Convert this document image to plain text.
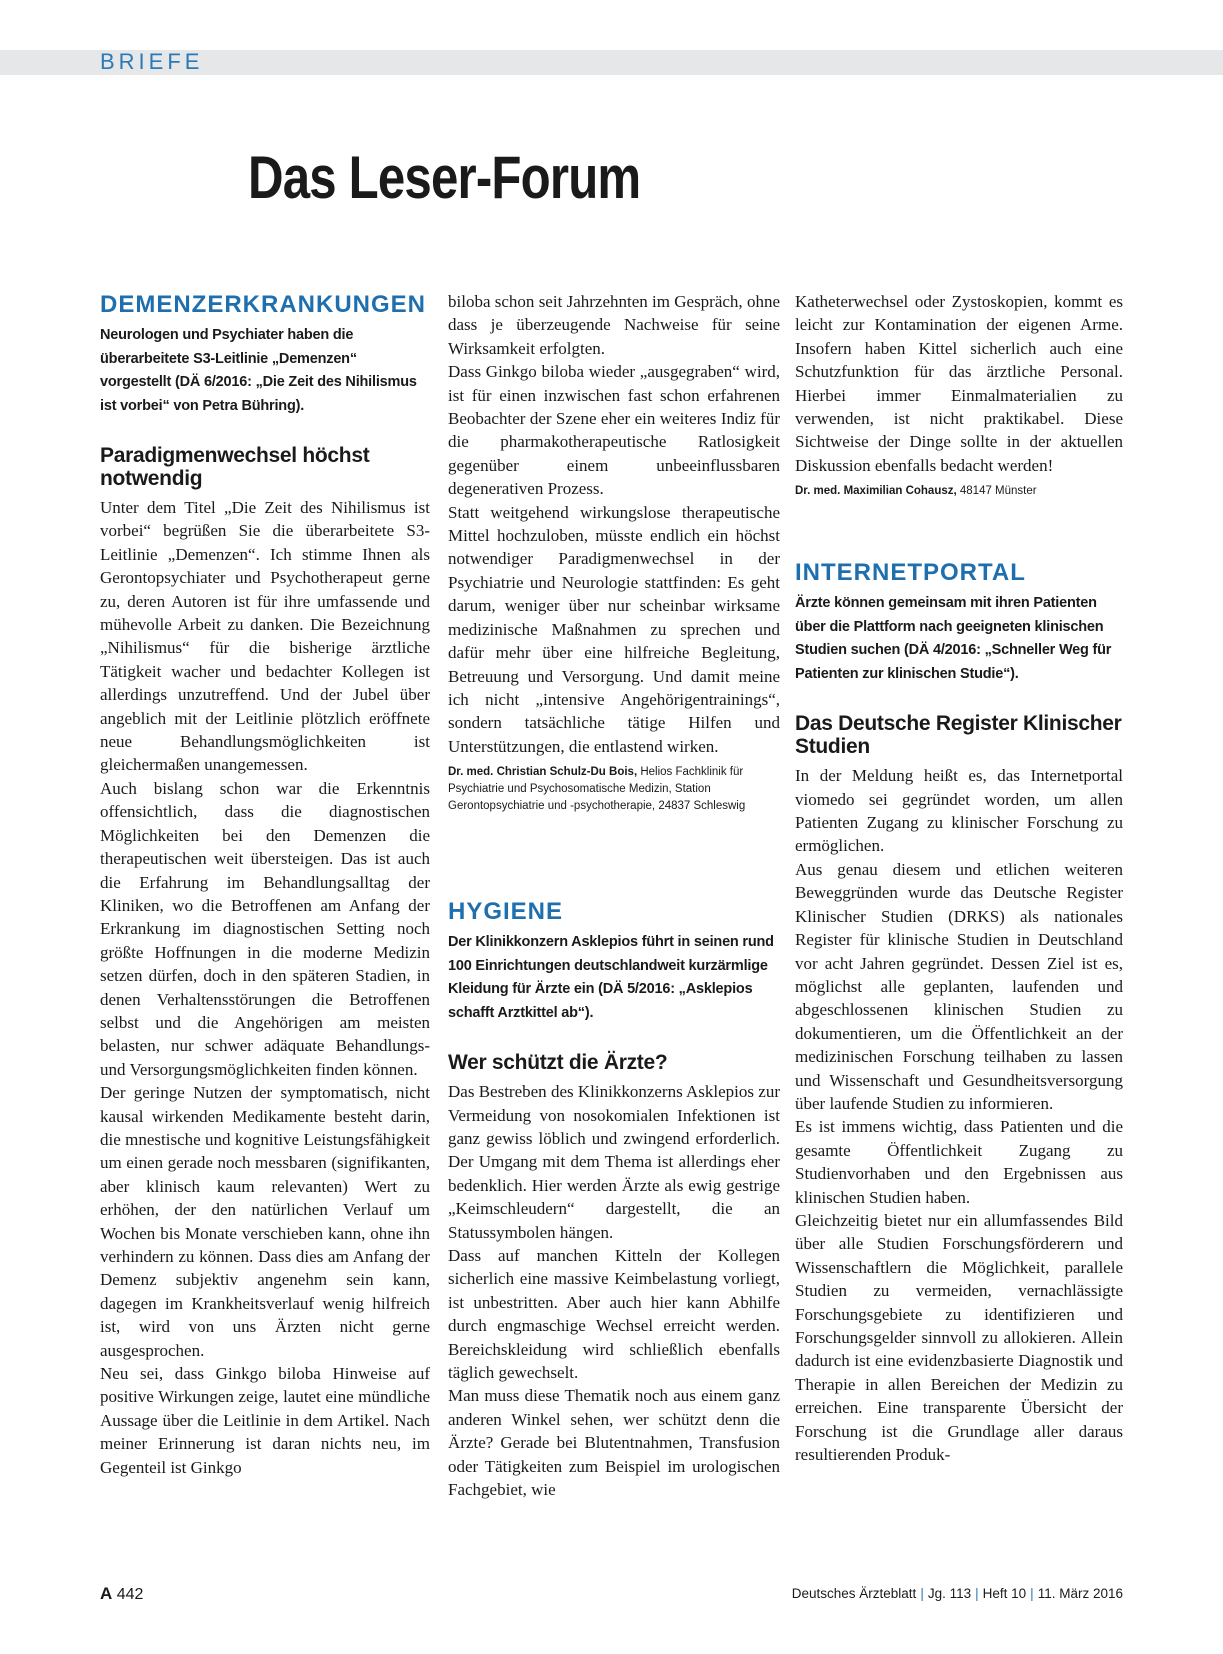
BRIEFE
Das Leser-Forum
DEMENZERKRANKUNGEN

Neurologen und Psychiater haben die überarbeitete S3-Leitlinie „Demenzen“ vorgestellt (DÄ 6/2016: „Die Zeit des Nihilismus ist vorbei“ von Petra Bühring).

Paradigmenwechsel höchst notwendig

Unter dem Titel „Die Zeit des Nihilismus ist vorbei“ begrüßen Sie die überarbeitete S3-Leitlinie „Demenzen“. Ich stimme Ihnen als Gerontopsychiater und Psychotherapeut gerne zu, deren Autoren ist für ihre umfassende und mühevolle Arbeit zu danken. Die Bezeichnung „Nihilismus“ für die bisherige ärztliche Tätigkeit wacher und bedachter Kollegen ist allerdings unzutreffend. Und der Jubel über angeblich mit der Leitlinie plötzlich eröffnete neue Behandlungsmöglichkeiten ist gleichermaßen unangemessen.

Auch bislang schon war die Erkenntnis offensichtlich, dass die diagnostischen Möglichkeiten bei den Demenzen die therapeutischen weit übersteigen. Das ist auch die Erfahrung im Behandlungsalltag der Kliniken, wo die Betroffenen am Anfang der Erkrankung im diagnostischen Setting noch größte Hoffnungen in die moderne Medizin setzen dürfen, doch in den späteren Stadien, in denen Verhaltensstörungen die Betroffenen selbst und die Angehörigen am meisten belasten, nur schwer adäquate Behandlungs- und Versorgungsmöglichkeiten finden können.

Der geringe Nutzen der symptomatisch, nicht kausal wirkenden Medikamente besteht darin, die mnestische und kognitive Leistungsfähigkeit um einen gerade noch messbaren (signifikanten, aber klinisch kaum relevanten) Wert zu erhöhen, der den natürlichen Verlauf um Wochen bis Monate verschieben kann, ohne ihn verhindern zu können. Dass dies am Anfang der Demenz subjektiv angenehm sein kann, dagegen im Krankheitsverlauf wenig hilfreich ist, wird von uns Ärzten nicht gerne ausgesprochen.

Neu sei, dass Ginkgo biloba Hinweise auf positive Wirkungen zeige, lautet eine mündliche Aussage über die Leitlinie in dem Artikel. Nach meiner Erinnerung ist daran nichts neu, im Gegenteil ist Ginkgo

biloba schon seit Jahrzehnten im Gespräch, ohne dass je überzeugende Nachweise für seine Wirksamkeit erfolgten.

Dass Ginkgo biloba wieder „ausgegraben“ wird, ist für einen inzwischen fast schon erfahrenen Beobachter der Szene eher ein weiteres Indiz für die pharmakotherapeutische Ratlosigkeit gegenüber einem unbeeinflussbaren degenerativen Prozess.

Statt weitgehend wirkungslose therapeutische Mittel hochzuloben, müsste endlich ein höchst notwendiger Paradigmenwechsel in der Psychiatrie und Neurologie stattfinden: Es geht darum, weniger über nur scheinbar wirksame medizinische Maßnahmen zu sprechen und dafür mehr über eine hilfreiche Begleitung, Betreuung und Versorgung. Und damit meine ich nicht „intensive Angehörigentrainings“, sondern tatsächliche tätige Hilfen und Unterstützungen, die entlastend wirken.

Dr. med. Christian Schulz-Du Bois, Helios Fachklinik für Psychiatrie und Psychosomatische Medizin, Station Gerontopsychiatrie und -psychotherapie, 24837 Schleswig

HYGIENE

Der Klinikkonzern Asklepios führt in seinen rund 100 Einrichtungen deutschlandweit kurzärmlige Kleidung für Ärzte ein (DÄ 5/2016: „Asklepios schafft Arztkittel ab“).

Wer schützt die Ärzte?

Das Bestreben des Klinikkonzerns Asklepios zur Vermeidung von nosokomialen Infektionen ist ganz gewiss löblich und zwingend erforderlich. Der Umgang mit dem Thema ist allerdings eher bedenklich. Hier werden Ärzte als ewig gestrige „Keimschleudern“ dargestellt, die an Statussymbolen hängen.

Dass auf manchen Kitteln der Kollegen sicherlich eine massive Keimbelastung vorliegt, ist unbestritten. Aber auch hier kann Abhilfe durch engmaschige Wechsel erreicht werden. Bereichskleidung wird schließlich ebenfalls täglich gewechselt.

Man muss diese Thematik noch aus einem ganz anderen Winkel sehen, wer schützt denn die Ärzte? Gerade bei Blutentnahmen, Transfusion oder Tätigkeiten zum Beispiel im urologischen Fachgebiet, wie

Katheterwechsel oder Zystoskopien, kommt es leicht zur Kontamination der eigenen Arme. Insofern haben Kittel sicherlich auch eine Schutzfunktion für das ärztliche Personal. Hierbei immer Einmalmaterialien zu verwenden, ist nicht praktikabel. Diese Sichtweise der Dinge sollte in der aktuellen Diskussion ebenfalls bedacht werden!

Dr. med. Maximilian Cohausz, 48147 Münster

INTERNETPORTAL

Ärzte können gemeinsam mit ihren Patienten über die Plattform nach geeigneten klinischen Studien suchen (DÄ 4/2016: „Schneller Weg für Patienten zur klinischen Studie“).

Das Deutsche Register Klinischer Studien

In der Meldung heißt es, das Internetportal viomedo sei gegründet worden, um allen Patienten Zugang zu klinischer Forschung zu ermöglichen.

Aus genau diesem und etlichen weiteren Beweggründen wurde das Deutsche Register Klinischer Studien (DRKS) als nationales Register für klinische Studien in Deutschland vor acht Jahren gegründet. Dessen Ziel ist es, möglichst alle geplanten, laufenden und abgeschlossenen klinischen Studien zu dokumentieren, um die Öffentlichkeit an der medizinischen Forschung teilhaben zu lassen und Wissenschaft und Gesundheitsversorgung über laufende Studien zu informieren.

Es ist immens wichtig, dass Patienten und die gesamte Öffentlichkeit Zugang zu Studienvorhaben und den Ergebnissen aus klinischen Studien haben.

Gleichzeitig bietet nur ein allumfassendes Bild über alle Studien Forschungsförderern und Wissenschaftlern die Möglichkeit, parallele Studien zu vermeiden, vernachlässigte Forschungsgebiete zu identifizieren und Forschungsgelder sinnvoll zu allokieren. Allein dadurch ist eine evidenzbasierte Diagnostik und Therapie in allen Bereichen der Medizin zu erreichen. Eine transparente Übersicht der Forschung ist die Grundlage aller daraus resultierenden Produk-

A 442	Deutsches Ärzteblatt | Jg. 113 | Heft 10 | 11. März 2016
